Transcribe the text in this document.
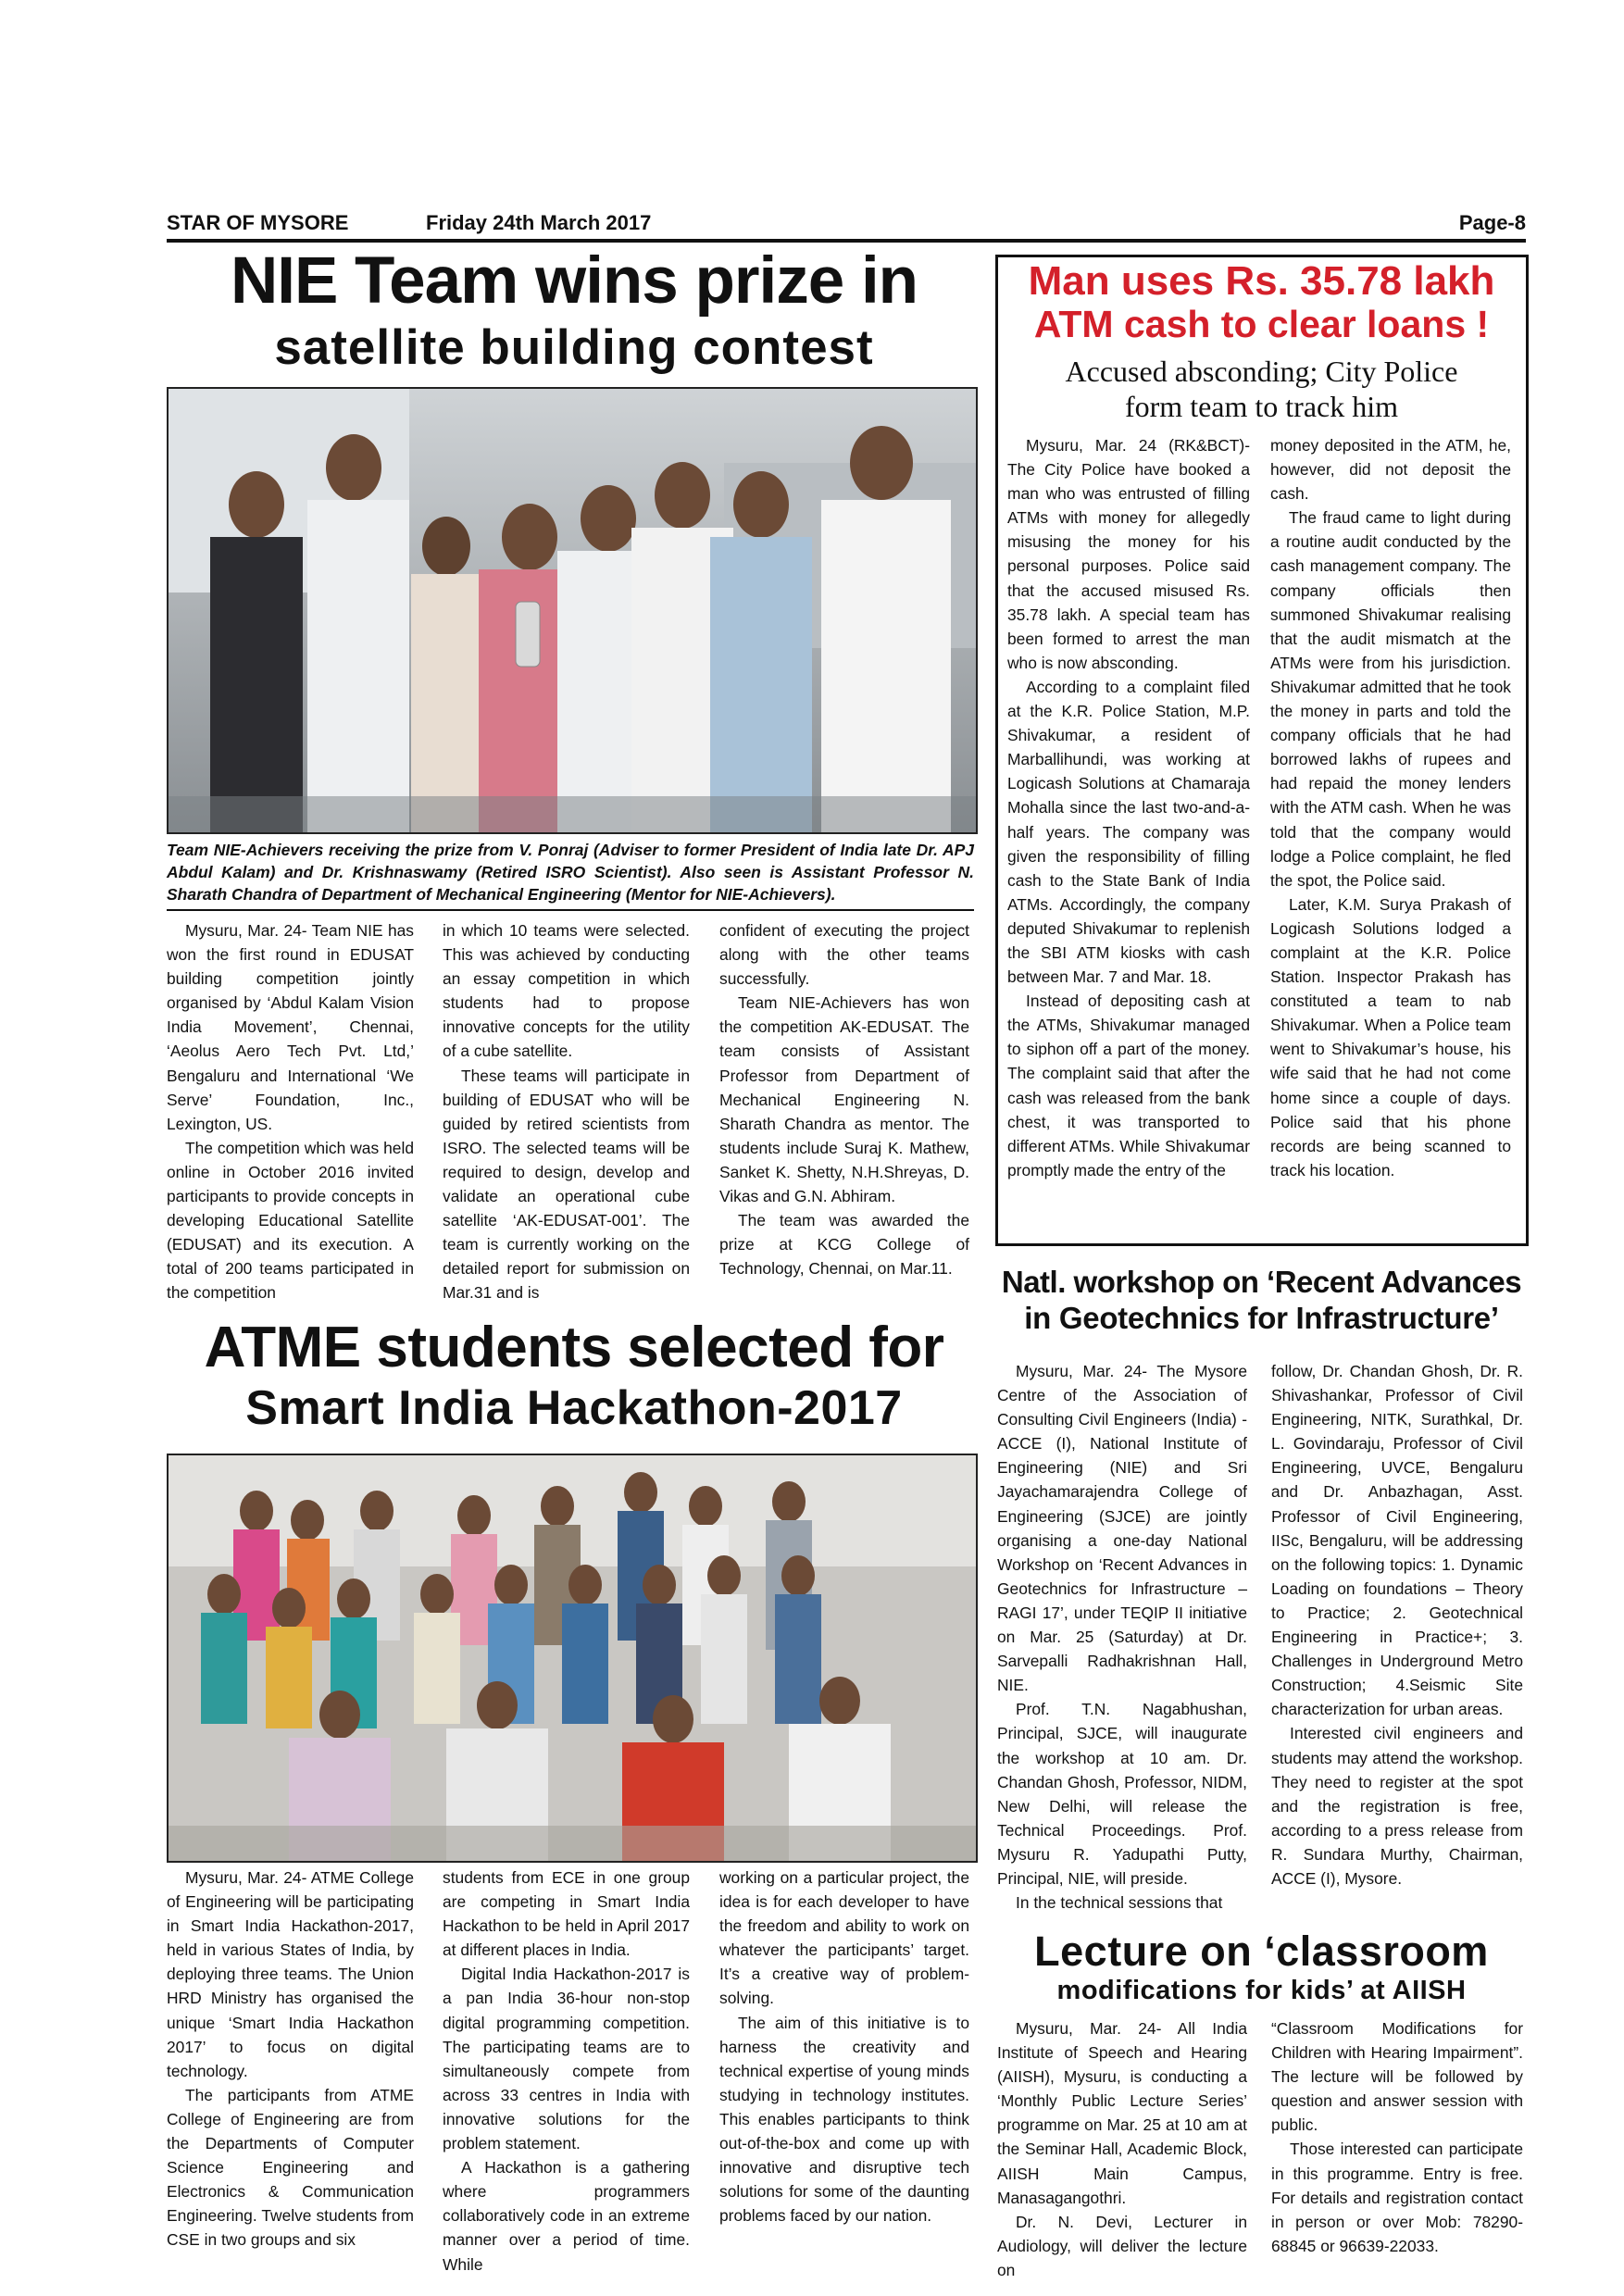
STAR OF MYSORE	Friday 24th March 2017	Page-8
NIE Team wins prize in
satellite building contest
Team NIE-Achievers receiving the prize from V. Ponraj (Adviser to former President of India late Dr. APJ Abdul Kalam) and Dr. Krishnaswamy (Retired ISRO Scientist). Also seen is Assistant Professor N. Sharath Chandra of Department of Mechanical Engineering (Mentor for NIE-Achievers).

Mysuru, Mar. 24- Team NIE has won the first round in EDUSAT building competition jointly organised by ‘Abdul Kalam Vision India Movement’, Chennai, ‘Aeolus Aero Tech Pvt. Ltd,’ Bengaluru and International ‘We Serve’ Foundation, Inc., Lexington, US.

The competition which was held online in October 2016 invited participants to provide concepts in developing Educational Satellite (EDUSAT) and its execution. A total of 200 teams participated in the competition

in which 10 teams were selected. This was achieved by conducting an essay competition in which students had to propose innovative concepts for the utility of a cube satellite.

These teams will participate in building of EDUSAT who will be guided by retired scientists from ISRO. The selected teams will be required to design, develop and validate an operational cube satellite ‘AK-EDUSAT-001’. The team is currently working on the detailed report for submission on Mar.31 and is

confident of executing the project along with the other teams successfully.

Team NIE-Achievers has won the competition AK-EDUSAT. The team consists of Assistant Professor from Department of Mechanical Engineering N. Sharath Chandra as mentor. The students include Suraj K. Mathew, Sanket K. Shetty, N.H.Shreyas, D. Vikas and G.N. Abhiram.

The team was awarded the prize at KCG College of Technology, Chennai, on Mar.11.

Man uses Rs. 35.78 lakh
ATM cash to clear loans !
Accused absconding; City Police
form team to track him

Mysuru, Mar. 24 (RK&BCT)- The City Police have booked a man who was entrusted of filling ATMs with money for allegedly misusing the money for his personal purposes. Police said that the accused misused Rs. 35.78 lakh. A special team has been formed to arrest the man who is now absconding.

According to a complaint filed at the K.R. Police Station, M.P. Shivakumar, a resident of Marballihundi, was working at Logicash Solutions at Chamaraja Mohalla since the last two-and-a-half years. The company was given the responsibility of filling cash to the State Bank of India ATMs. Accordingly, the company deputed Shivakumar to replenish the SBI ATM kiosks with cash between Mar. 7 and Mar. 18.

Instead of depositing cash at the ATMs, Shivakumar managed to siphon off a part of the money. The complaint said that after the cash was released from the bank chest, it was transported to different ATMs. While Shivakumar promptly made the entry of the

money deposited in the ATM, he, however, did not deposit the cash.

The fraud came to light during a routine audit conducted by the cash management company. The company officials then summoned Shivakumar realising that the audit mismatch at the ATMs were from his jurisdiction. Shivakumar admitted that he took the money in parts and told the company officials that he had borrowed lakhs of rupees and had repaid the money lenders with the ATM cash. When he was told that the company would lodge a Police complaint, he fled the spot, the Police said.

Later, K.M. Surya Prakash of Logicash Solutions lodged a complaint at the K.R. Police Station. Inspector Prakash has constituted a team to nab Shivakumar. When a Police team went to Shivakumar’s house, his wife said that he had not come home since a couple of days. Police said that his phone records are being scanned to track his location.

ATME students selected for
Smart India Hackathon-2017

Mysuru, Mar. 24- ATME College of Engineering will be participating in Smart India Hackathon-2017, held in various States of India, by deploying three teams. The Union HRD Ministry has organised the unique ‘Smart India Hackathon 2017’ to focus on digital technology.

The participants from ATME College of Engineering are from the Departments of Computer Science Engineering and Electronics & Communication Engineering. Twelve students from CSE in two groups and six

students from ECE in one group are competing in Smart India Hackathon to be held in April 2017 at different places in India.

Digital India Hackathon-2017 is a pan India 36-hour non-stop digital programming competition. The participating teams are to simultaneously compete from across 33 centres in India with innovative solutions for the problem statement.

A Hackathon is a gathering where programmers collaboratively code in an extreme manner over a period of time. While

working on a particular project, the idea is for each developer to have the freedom and ability to work on whatever the participants’ target. It’s a creative way of problem-solving.

The aim of this initiative is to harness the creativity and technical expertise of young minds studying in technology institutes. This enables participants to think out-of-the-box and come up with innovative and disruptive tech solutions for some of the daunting problems faced by our nation.

Natl. workshop on ‘Recent Advances
in Geotechnics for Infrastructure’

Mysuru, Mar. 24- The Mysore Centre of the Association of Consulting Civil Engineers (India) - ACCE (I), National Institute of Engineering (NIE) and Sri Jayachamarajendra College of Engineering (SJCE) are jointly organising a one-day National Workshop on ‘Recent Advances in Geotechnics for Infrastructure – RAGI 17’, under TEQIP II initiative on Mar. 25 (Saturday) at Dr. Sarvepalli Radhakrishnan Hall, NIE.

Prof. T.N. Nagabhushan, Principal, SJCE, will inaugurate the workshop at 10 am. Dr. Chandan Ghosh, Professor, NIDM, New Delhi, will release the Technical Proceedings. Prof. Mysuru R. Yadupathi Putty, Principal, NIE, will preside.

In the technical sessions that

follow, Dr. Chandan Ghosh, Dr. R. Shivashankar, Professor of Civil Engineering, NITK, Surathkal, Dr. L. Govindaraju, Professor of Civil Engineering, UVCE, Bengaluru and Dr. Anbazhagan, Asst. Professor of Civil Engineering, IISc, Bengaluru, will be addressing on the following topics: 1. Dynamic Loading on foundations – Theory to Practice; 2. Geotechnical Engineering in Practice+; 3. Challenges in Underground Metro Construction; 4.Seismic Site characterization for urban areas.

Interested civil engineers and students may attend the workshop. They need to register at the spot and the registration is free, according to a press release from R. Sundara Murthy, Chairman, ACCE (I), Mysore.

Lecture on ‘classroom
modifications for kids’ at AIISH

Mysuru, Mar. 24- All India Institute of Speech and Hearing (AIISH), Mysuru, is conducting a ‘Monthly Public Lecture Series’ programme on Mar. 25 at 10 am at the Seminar Hall, Academic Block, AIISH Main Campus, Manasagangothri.

Dr. N. Devi, Lecturer in Audiology, will deliver the lecture on

“Classroom Modifications for Children with Hearing Impairment”. The lecture will be followed by question and answer session with public.

Those interested can participate in this programme. Entry is free. For details and registration contact in person or over Mob: 78290-68845 or 96639-22033.
